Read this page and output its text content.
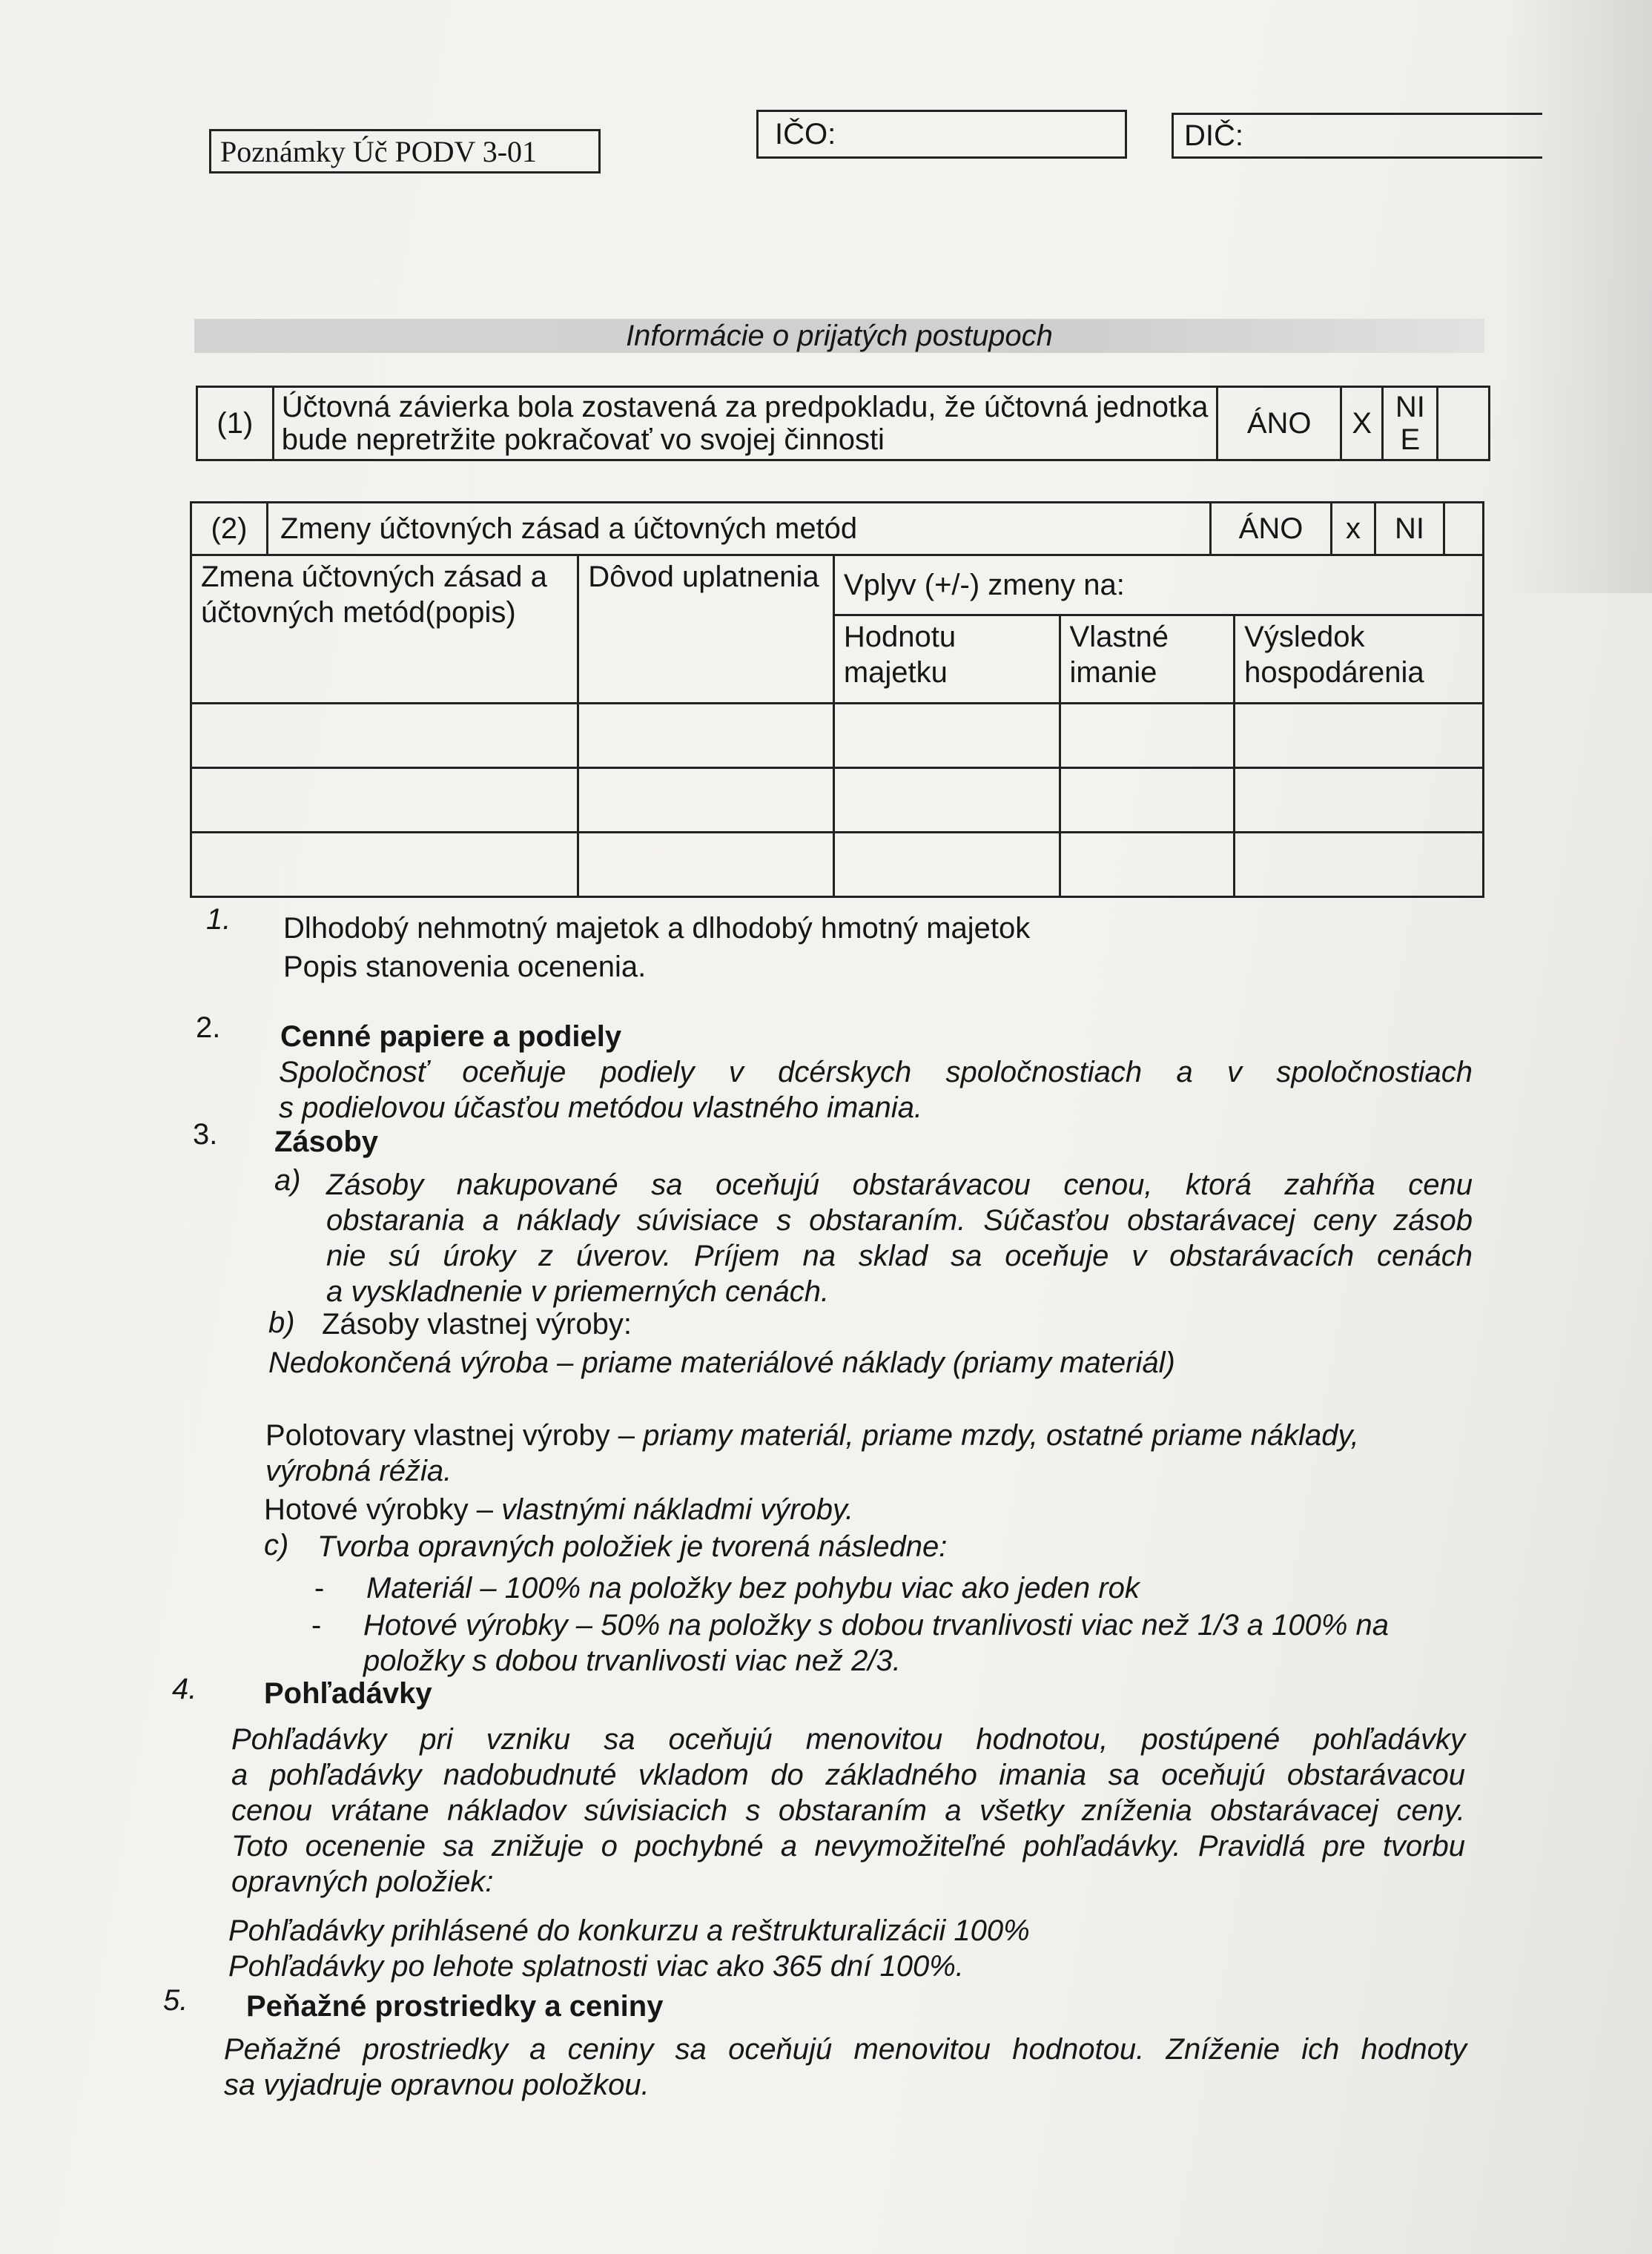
Poznámky Úč PODV 3-01
IČO:	DIČ:
Informácie o prijatých postupoch
(1)	Účtovná závierka bola zostavená za predpokladu, že účtovná jednotka bude nepretržite pokračovať vo svojej činnosti	ÁNO	X	NIE	
(2) Zmeny účtovných zásad a účtovných metód ÁNO x NI				

Zmena účtovných zásad a účtovných metód(popis)	Dôvod uplatnenia	Vplyv (+/-) zmeny na:		
		Hodnotu majetku	Vlastné imanie	Výsledok hospodárenia

1. Dlhodobý nehmotný majetok a dlhodobý hmotný majetok
Popis stanovenia ocenenia.
2. Cenné papiere a podiely
Spoločnosť oceňuje podiely v dcérskych spoločnostiach a v spoločnostiach
s podielovou účasťou metódou vlastného imania.
3. Zásoby
a) Zásoby nakupované sa oceňujú obstarávacou cenou, ktorá zahŕňa cenu
obstarania a náklady súvisiace s obstaraním. Súčasťou obstarávacej ceny zásob
nie sú úroky z úverov. Príjem na sklad sa oceňuje v obstarávacích cenách
a vyskladnenie v priemerných cenách.
b) Zásoby vlastnej výroby:
Nedokončená výroba – priame materiálové náklady (priamy materiál)
Polotovary vlastnej výroby – priamy materiál, priame mzdy, ostatné priame náklady,
výrobná réžia.
Hotové výrobky – vlastnými nákladmi výroby.
c) Tvorba opravných položiek je tvorená následne:
- Materiál – 100% na položky bez pohybu viac ako jeden rok
- Hotové výrobky – 50% na položky s dobou trvanlivosti viac než 1/3 a 100% na
položky s dobou trvanlivosti viac než 2/3.
4. Pohľadávky
Pohľadávky pri vzniku sa oceňujú menovitou hodnotou, postúpené pohľadávky
a pohľadávky nadobudnuté vkladom do základného imania sa oceňujú obstarávacou
cenou vrátane nákladov súvisiacich s obstaraním a všetky zníženia obstarávacej ceny.
Toto ocenenie sa znižuje o pochybné a nevymožiteľné pohľadávky. Pravidlá pre tvorbu
opravných položiek:
Pohľadávky prihlásené do konkurzu a reštrukturalizácii 100%
Pohľadávky po lehote splatnosti viac ako 365 dní 100%.
5. Peňažné prostriedky a ceniny
Peňažné prostriedky a ceniny sa oceňujú menovitou hodnotou. Zníženie ich hodnoty
sa vyjadruje opravnou položkou.
